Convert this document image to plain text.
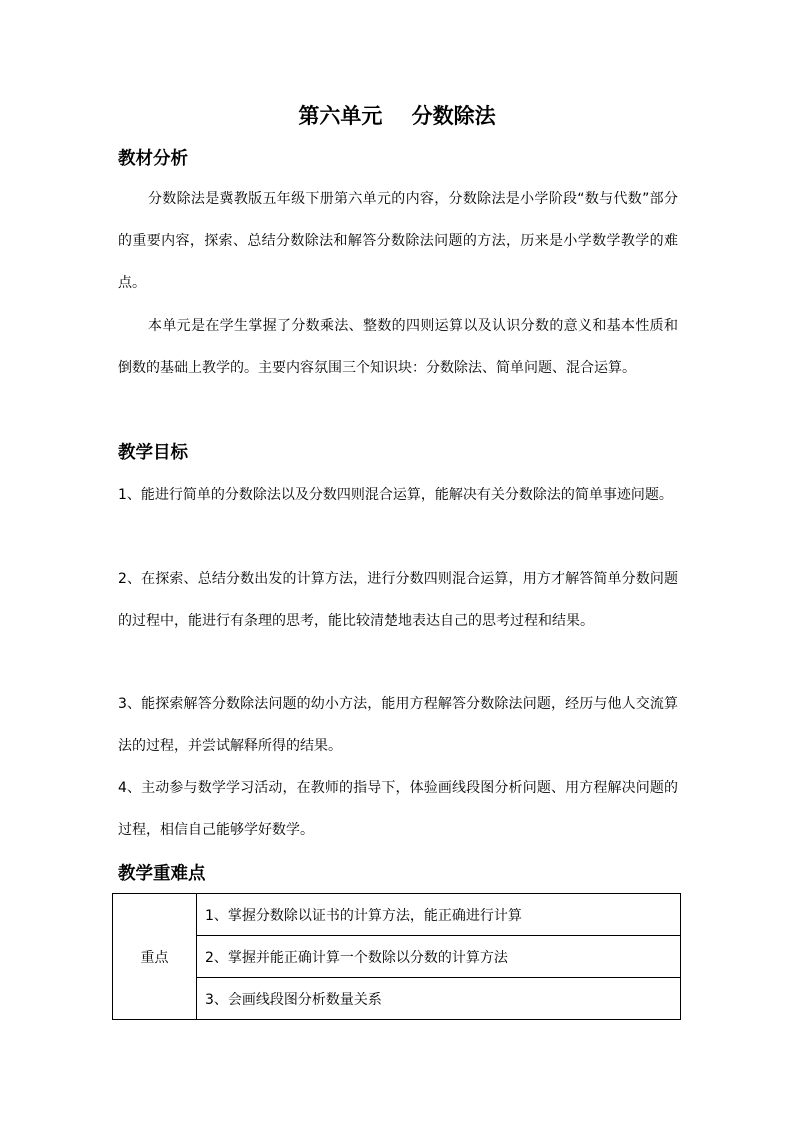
第六单元    分数除法
教材分析
分数除法是冀教版五年级下册第六单元的内容，分数除法是小学阶段“数与代数”部分的重要内容，探索、总结分数除法和解答分数除法问题的方法，历来是小学数学教学的难点。
本单元是在学生掌握了分数乘法、整数的四则运算以及认识分数的意义和基本性质和倒数的基础上教学的。主要内容氛围三个知识块：分数除法、简单问题、混合运算。
教学目标
1、能进行简单的分数除法以及分数四则混合运算，能解决有关分数除法的简单事迹问题。
2、在探索、总结分数出发的计算方法，进行分数四则混合运算，用方才解答简单分数问题的过程中，能进行有条理的思考，能比较清楚地表达自己的思考过程和结果。
3、能探索解答分数除法问题的幼小方法，能用方程解答分数除法问题，经历与他人交流算法的过程，并尝试解释所得的结果。
4、主动参与数学学习活动，在教师的指导下，体验画线段图分析问题、用方程解决问题的过程，相信自己能够学好数学。
教学重难点
重点	1、掌握分数除以证书的计算方法，能正确进行计算
2、掌握并能正确计算一个数除以分数的计算方法
3、会画线段图分析数量关系
